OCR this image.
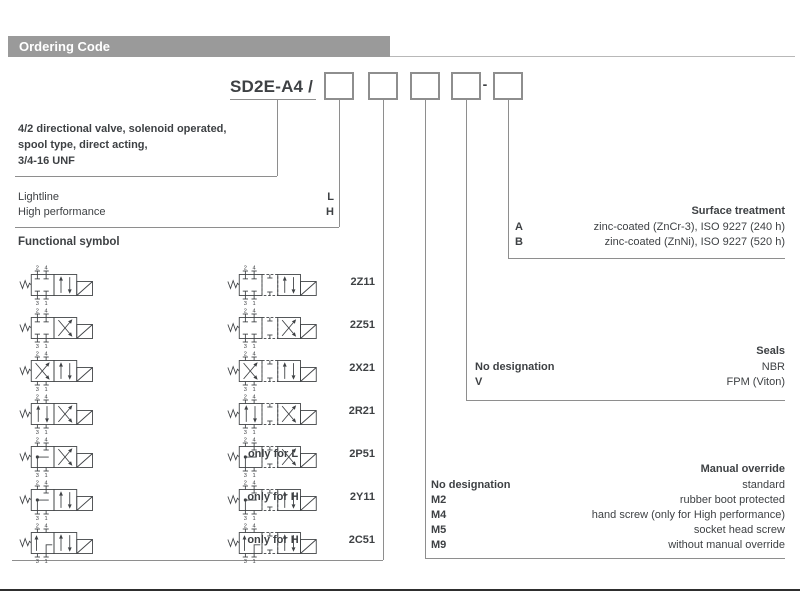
Ordering Code
SD2E-A4 /	-
4/2 directional valve, solenoid operated,
spool type, direct acting,
3/4-16 UNF
L
Lightline
H
High performance
Functional symbol
2 4
3 1
2 4
3 1
2Z11
2 4
3 1
2 4
3 1
2Z51
2 4
3 1
2 4
3 1
2X21
2 4
3 1
2 4
3 1
2R21
2 4
3 1
2 4
3 1
only for L	2P51
2 4
3 1
2 4
3 1
only for H	2Y11
2 4
3 1
2 4
3 1
only for H	2C51
Surface treatment
A	zinc-coated (ZnCr-3), ISO 9227 (240 h)
B	zinc-coated (ZnNi), ISO 9227 (520 h)
Seals
No designation	NBR
V	FPM (Viton)
Manual override
No designation	standard
M2	rubber boot protected
M4	hand screw (only for High performance)
M5	socket head screw
M9	without manual override
